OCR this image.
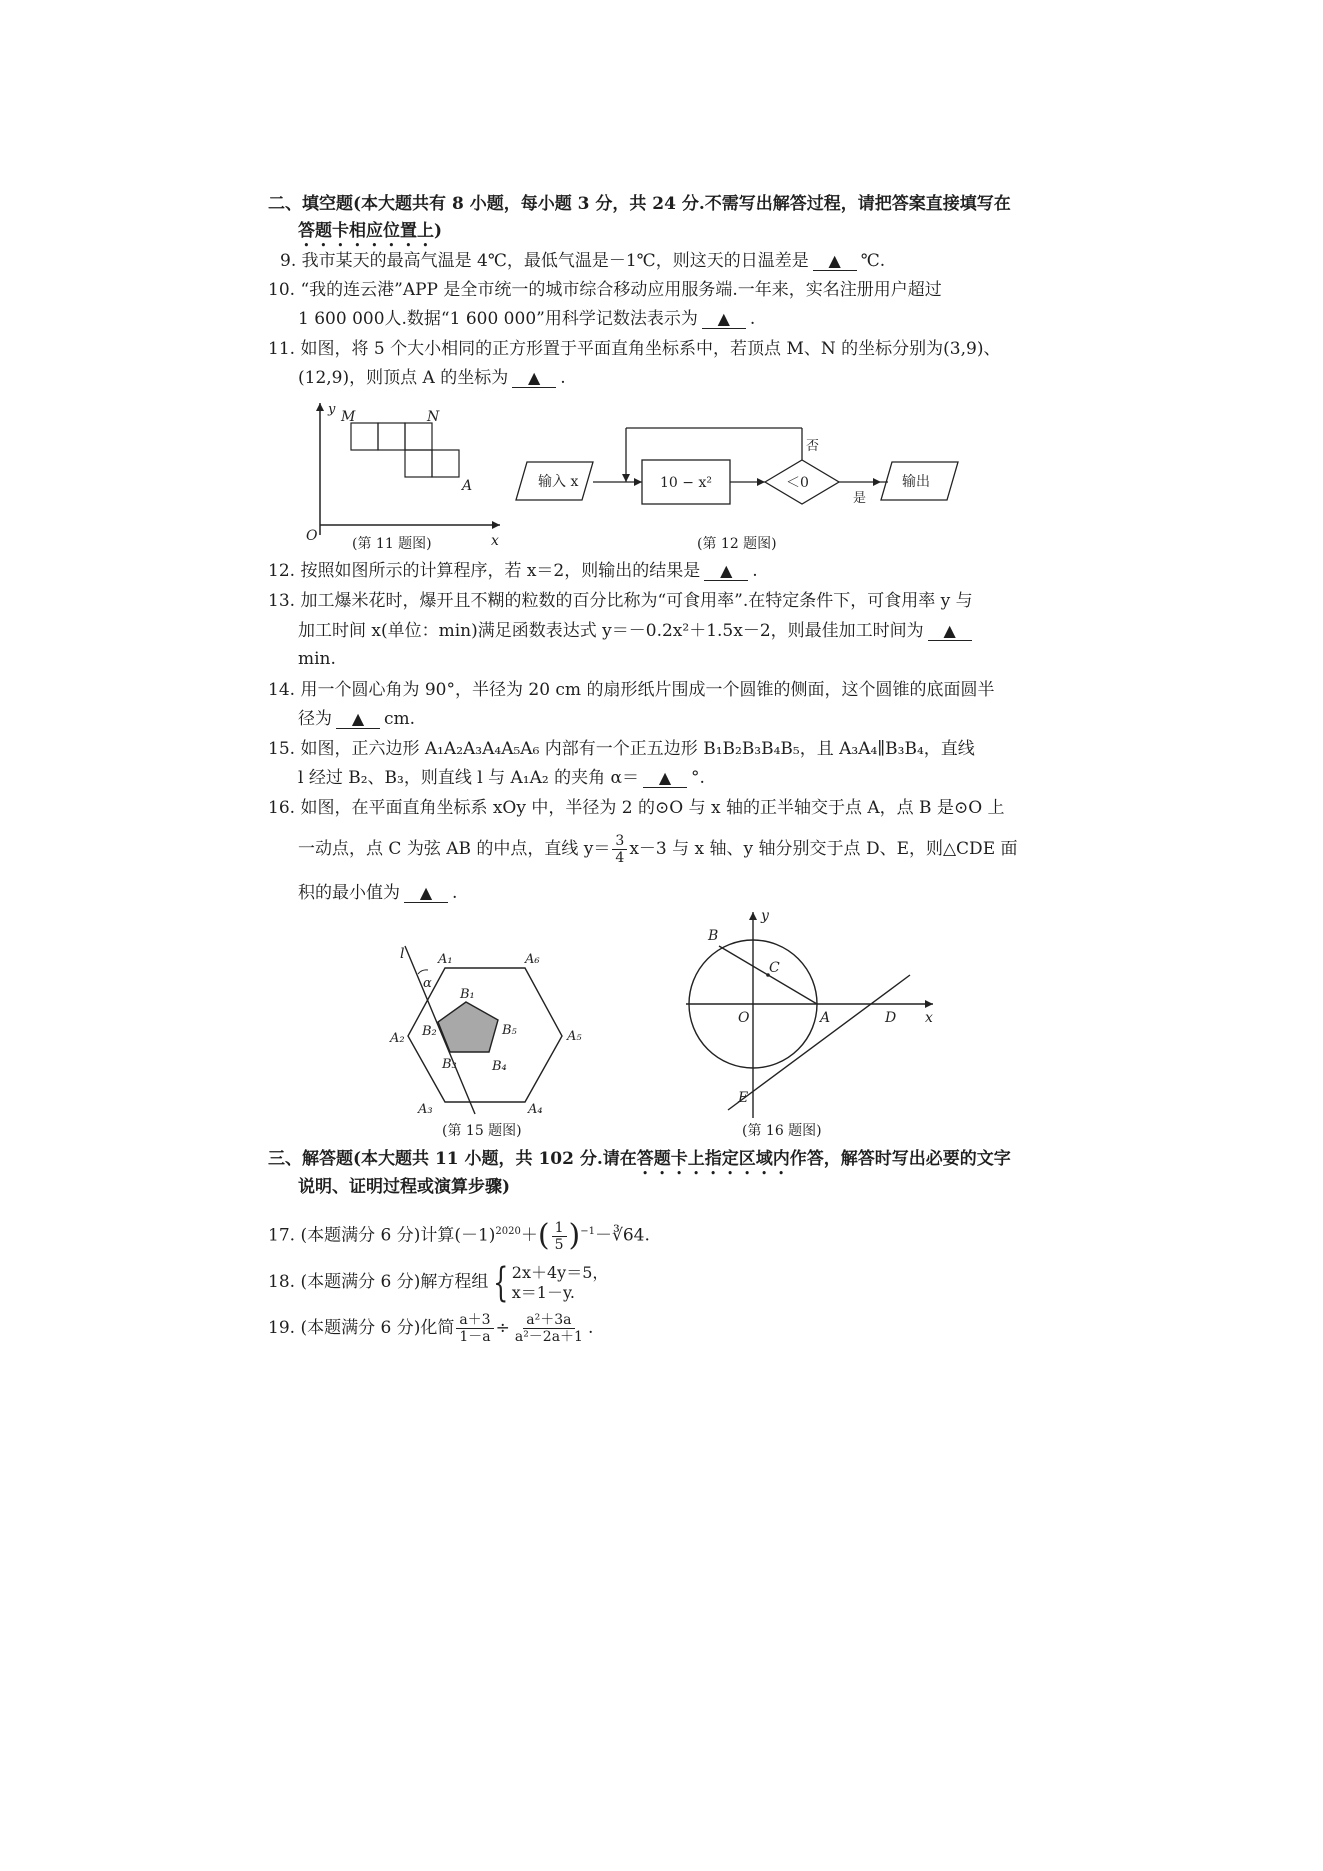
二、填空题(本大题共有 8 小题，每小题 3 分，共 24 分.不需写出解答过程，请把答案直接填写在
答题卡相应位置上)
9. 我市某天的最高气温是 4℃，最低气温是－1℃，则这天的日温差是 ▲	℃.
10. “我的连云港”APP 是全市统一的城市综合移动应用服务端.一年来，实名注册用户超过
1 600 000人.数据“1 600 000”用科学记数法表示为 ▲	.
11. 如图，将 5 个大小相同的正方形置于平面直角坐标系中，若顶点 M、N 的坐标分别为(3,9)、
(12,9)，则顶点 A 的坐标为 ▲	.
y
x
O
M	N
A
(第 11 题图)
输入 x	10 − x²	＜0	输出
否
是
(第 12 题图)
12. 按照如图所示的计算程序，若 x＝2，则输出的结果是 ▲	.
13. 加工爆米花时，爆开且不糊的粒数的百分比称为“可食用率”.在特定条件下，可食用率 y 与
加工时间 x(单位：min)满足函数表达式 y＝－0.2x²＋1.5x－2，则最佳加工时间为▲
min.
14. 用一个圆心角为 90°，半径为 20 cm 的扇形纸片围成一个圆锥的侧面，这个圆锥的底面圆半
径为 ▲	cm.
15. 如图，正六边形 A₁A₂A₃A₄A₅A₆ 内部有一个正五边形 B₁B₂B₃B₄B₅，且 A₃A₄∥B₃B₄，直线
l 经过 B₂、B₃，则直线 l 与 A₁A₂ 的夹角 α＝ ▲	°.
16. 如图，在平面直角坐标系 xOy 中，半径为 2 的⊙O 与 x 轴的正半轴交于点 A，点 B 是⊙O 上
一动点，点 C 为弦 AB 的中点，直线 $y= \frac{3}{4} x-3$ 与 x 轴、y 轴分别交于点 D、E，则△CDE 面
积的最小值为 ▲	.
l
α
A₁
A₂
A₃	A₄
A₅
A₆
B₁
B₂
B₃	B₄
B₅
(第 15 题图)
y
x
O	A
B
C
D
E
(第 16 题图)
三、解答题(本大题共 11 小题，共 102 分.请在答题卡上指定区域内作答，解答时写出必要的文字
说明、证明过程或演算步骤)
17. (本题满分 6 分)计算$(-1)^{2020}+( \frac{1}{5}$ )$^{-1}-∛64$.
18. (本题满分 6 分)解方程组 { 2x＋4y＝5，
x＝1－y.
19. (本题满分 6 分)化简 $\frac{a+3}{1-a} \div \frac{\text{a²＋3a}}{\text{a²－2a＋1}}$ .
